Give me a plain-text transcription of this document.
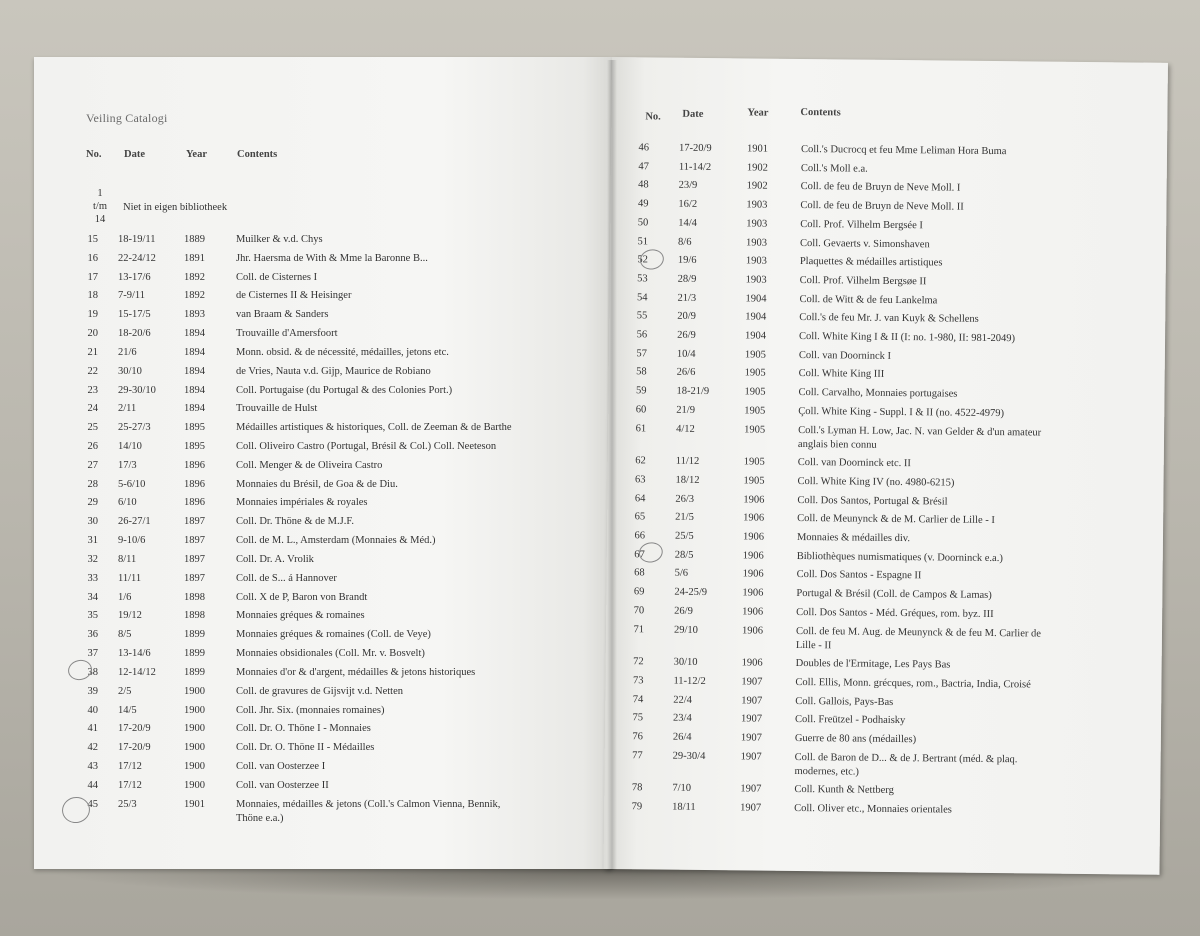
Veiling Catalogi
No. Date	Year	Contents
1
t/m
14
Niet in eigen bibliotheek
15 18-19/11	1889	Muilker & v.d. Chys
16 22-24/12	1891	Jhr. Haersma de With & Mme la Baronne B...
17 13-17/6	1892	Coll. de Cisternes I
18 7-9/11	1892	de Cisternes II & Heisinger
19 15-17/5	1893	van Braam & Sanders
20 18-20/6	1894	Trouvaille d'Amersfoort
21 21/6	1894	Monn. obsid. & de nécessité, médailles, jetons etc.
22 30/10	1894	de Vries, Nauta v.d. Gijp, Maurice de Robiano
23 29-30/10	1894	Coll. Portugaise (du Portugal & des Colonies Port.)
24 2/11	1894	Trouvaille de Hulst
25 25-27/3	1895	Médailles artistiques & historiques, Coll. de Zeeman & de Barthe
26 14/10	1895	Coll. Oliveiro Castro (Portugal, Brésil & Col.) Coll. Neeteson
27 17/3	1896	Coll. Menger & de Oliveira Castro
28 5-6/10	1896	Monnaies du Brésil, de Goa & de Diu.
29 6/10	1896	Monnaies impériales & royales
30 26-27/1	1897	Coll. Dr. Thöne & de M.J.F.
31 9-10/6	1897	Coll. de M. L., Amsterdam (Monnaies & Méd.)
32 8/11	1897	Coll. Dr. A. Vrolik
33 11/11	1897	Coll. de S... á Hannover
34 1/6	1898	Coll. X de P, Baron von Brandt
35 19/12	1898	Monnaies gréques & romaines
36 8/5	1899	Monnaies gréques & romaines (Coll. de Veye)
37 13-14/6	1899	Monnaies obsidionales (Coll. Mr. v. Bosvelt)
38 12-14/12	1899	Monnaies d'or & d'argent, médailles & jetons historiques
39 2/5	1900	Coll. de gravures de Gijsvijt v.d. Netten
40 14/5	1900	Coll. Jhr. Six. (monnaies romaines)
41 17-20/9	1900	Coll. Dr. O. Thöne I - Monnaies
42 17-20/9	1900	Coll. Dr. O. Thöne II - Médailles
43 17/12	1900	Coll. van Oosterzee I
44 17/12	1900	Coll. van Oosterzee II
45 25/3	1901	Monnaies, médailles & jetons (Coll.'s Calmon Vienna, Bennik,
Thöne e.a.)
No. Date	Year	Contents
46	17-20/9	1901	Coll.'s Ducrocq et feu Mme Leliman Hora Buma
47	11-14/2	1902	Coll.'s Moll e.a.
48	23/9	1902	Coll. de feu de Bruyn de Neve Moll. I
49	16/2	1903	Coll. de feu de Bruyn de Neve Moll. II
50	14/4	1903	Coll. Prof. Vilhelm Bergsée I
51	8/6	1903	Coll. Gevaerts v. Simonshaven
52	19/6	1903	Plaquettes & médailles artistiques
53	28/9	1903	Coll. Prof. Vilhelm Bergsøe II
54	21/3	1904	Coll. de Witt & de feu Lankelma
55	20/9	1904	Coll.'s de feu Mr. J. van Kuyk & Schellens
56	26/9	1904	Coll. White King I & II (I: no. 1-980, II: 981-2049)
57	10/4	1905	Coll. van Doorninck I
58	26/6	1905	Coll. White King III
59	18-21/9	1905	Coll. Carvalho, Monnaies portugaises
60	21/9	1905	Çoll. White King - Suppl. I & II (no. 4522-4979)
61	4/12	1905	Coll.'s Lyman H. Low, Jac. N. van Gelder & d'un amateur
anglais bien connu
62	11/12	1905	Coll. van Doorninck etc. II
63	18/12	1905	Coll. White King IV (no. 4980-6215)
64	26/3	1906	Coll. Dos Santos, Portugal & Brésil
65	21/5	1906	Coll. de Meunynck & de M. Carlier de Lille - I
66	25/5	1906	Monnaies & médailles div.
67	28/5	1906	Bibliothèques numismatiques (v. Doorninck e.a.)
68	5/6	1906	Coll. Dos Santos - Espagne II
69	24-25/9	1906	Portugal & Brésil (Coll. de Campos & Lamas)
70	26/9	1906	Coll. Dos Santos - Méd. Gréques, rom. byz. III
71	29/10	1906	Coll. de feu M. Aug. de Meunynck & de feu M. Carlier de
Lille - II
72	30/10	1906	Doubles de l'Ermitage, Les Pays Bas
73	11-12/2	1907	Coll. Ellis, Monn. grécques, rom., Bactria, India, Croisé
74	22/4	1907	Coll. Gallois, Pays-Bas
75	23/4	1907	Coll. Freützel - Podhaisky
76	26/4	1907	Guerre de 80 ans (médailles)
77	29-30/4	1907	Coll. de Baron de D... & de J. Bertrant (méd. & plaq.
modernes, etc.)
78	7/10	1907	Coll. Kunth & Nettberg
79	18/11	1907	Coll. Oliver etc., Monnaies orientales
